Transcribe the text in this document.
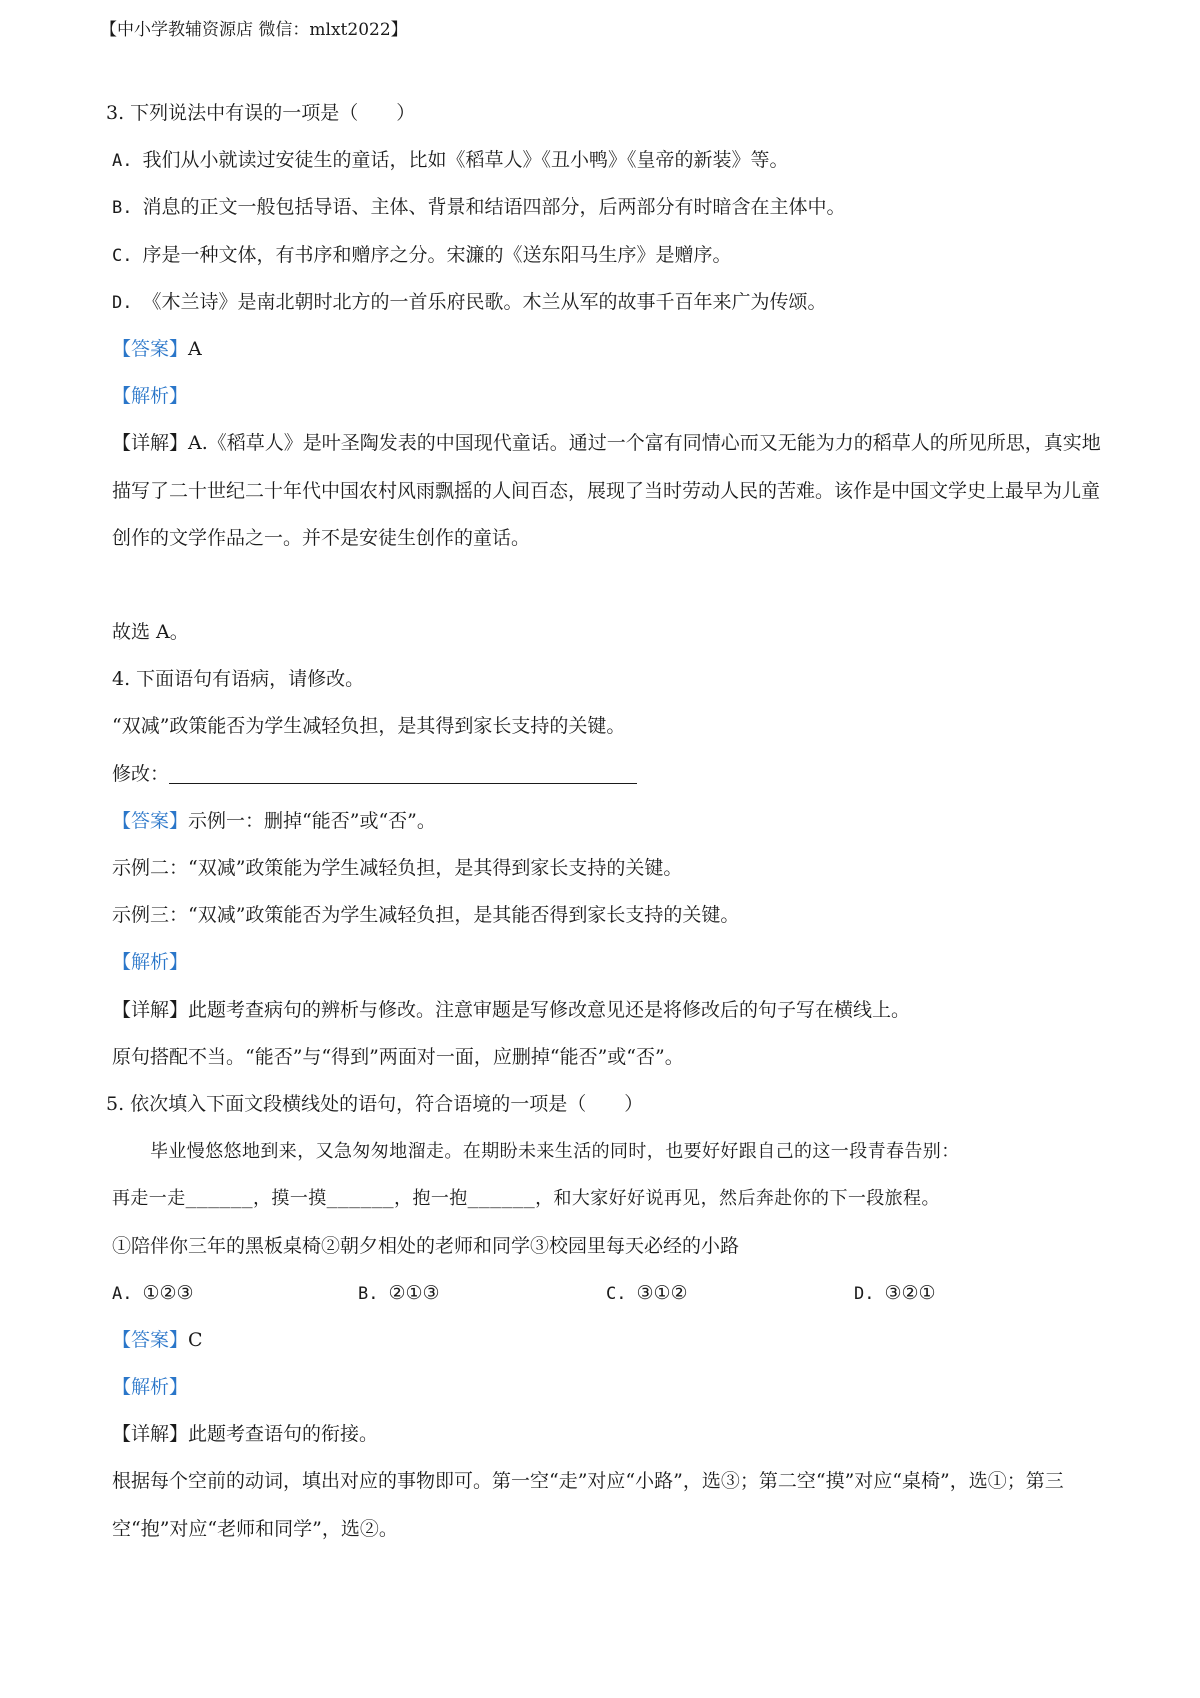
【中小学教辅资源店 微信：mlxt2022】
3. 下列说法中有误的一项是（　　）
A. 我们从小就读过安徒生的童话，比如《稻草人》《丑小鸭》《皇帝的新装》等。
B. 消息的正文一般包括导语、主体、背景和结语四部分，后两部分有时暗含在主体中。
C. 序是一种文体，有书序和赠序之分。宋濂的《送东阳马生序》是赠序。
D. 《木兰诗》是南北朝时北方的一首乐府民歌。木兰从军的故事千百年来广为传颂。
【答案】A
【解析】
【详解】A.《稻草人》是叶圣陶发表的中国现代童话。通过一个富有同情心而又无能为力的稻草人的所见所思，真实地描写了二十世纪二十年代中国农村风雨飘摇的人间百态，展现了当时劳动人民的苦难。该作是中国文学史上最早为儿童创作的文学作品之一。并不是安徒生创作的童话。
故选 A。
4. 下面语句有语病，请修改。
“双减”政策能否为学生减轻负担，是其得到家长支持的关键。
修改：
【答案】示例一：删掉“能否”或“否”。
示例二：“双减”政策能为学生减轻负担，是其得到家长支持的关键。
示例三：“双减”政策能否为学生减轻负担，是其能否得到家长支持的关键。
【解析】
【详解】此题考查病句的辨析与修改。注意审题是写修改意见还是将修改后的句子写在横线上。
原句搭配不当。“能否”与“得到”两面对一面，应删掉“能否”或“否”。
5. 依次填入下面文段横线处的语句，符合语境的一项是（　　）
毕业慢悠悠地到来，又急匆匆地溜走。在期盼未来生活的同时，也要好好跟自己的这一段青春告别：
再走一走______，摸一摸______，抱一抱______，和大家好好说再见，然后奔赴你的下一段旅程。
①陪伴你三年的黑板桌椅②朝夕相处的老师和同学③校园里每天必经的小路
A. ①②③	B. ②①③	C. ③①②	D. ③②①
【答案】C
【解析】
【详解】此题考查语句的衔接。
根据每个空前的动词，填出对应的事物即可。第一空“走”对应“小路”，选③；第二空“摸”对应“桌椅”，选①；第三空“抱”对应“老师和同学”，选②。
